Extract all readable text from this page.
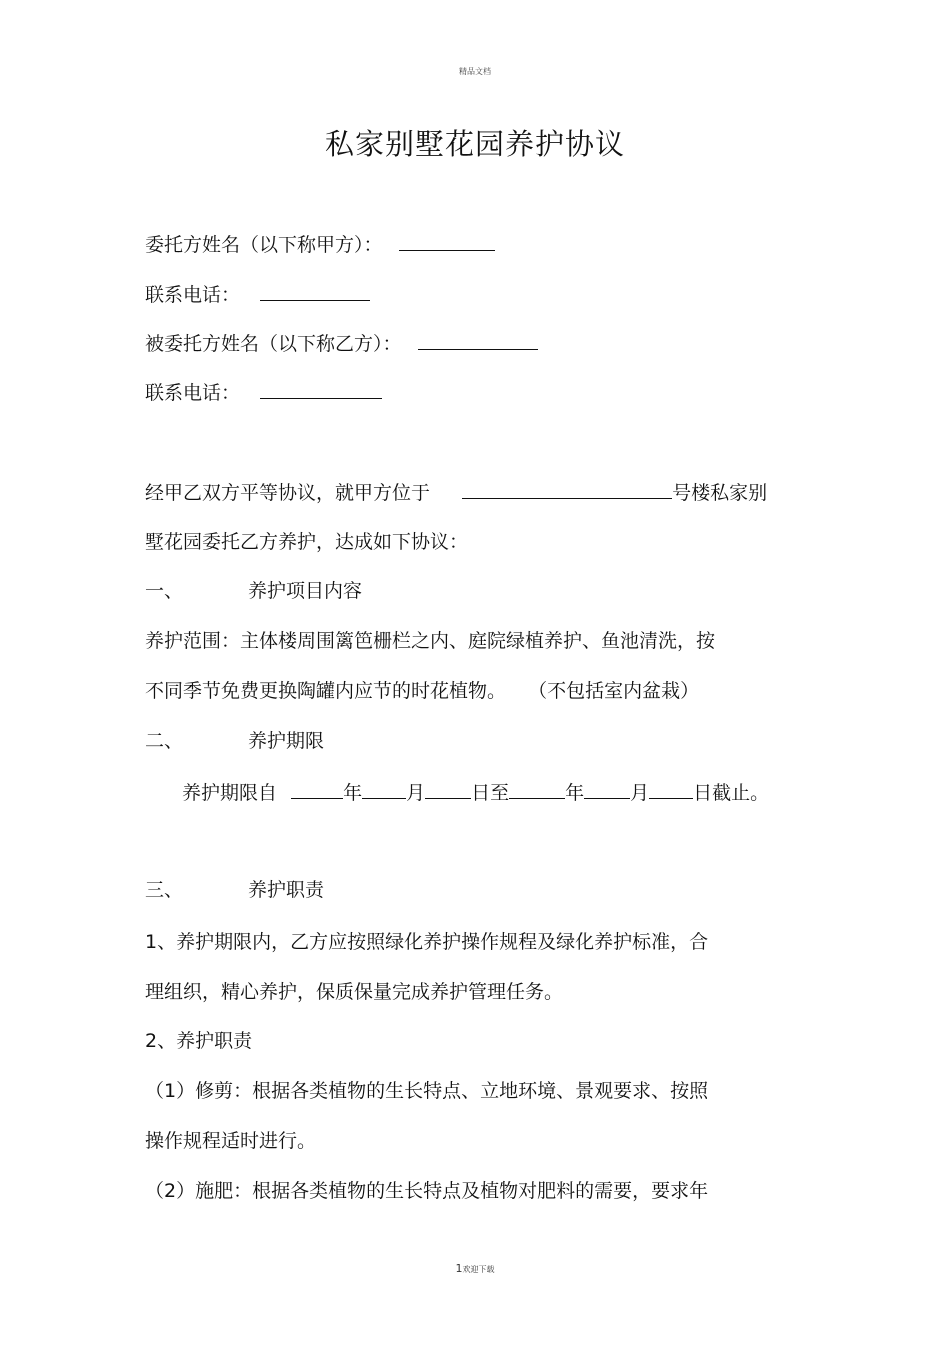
精品文档
私家别墅花园养护协议
委托方姓名（以下称甲方）：
联系电话：
被委托方姓名（以下称乙方）：
联系电话：
经甲乙双方平等协议，就甲方位于	号楼私家别
墅花园委托乙方养护，达成如下协议：
一、	养护项目内容
养护范围：主体楼周围篱笆栅栏之内、庭院绿植养护、鱼池清洗，按
不同季节免费更换陶罐内应节的时花植物。 （不包括室内盆栽）
二、	养护期限
养护期限自	年 月 日至	年 月 日截止。
三、	养护职责
1、养护期限内，乙方应按照绿化养护操作规程及绿化养护标准，合
理组织，精心养护，保质保量完成养护管理任务。
2、养护职责
（1）修剪：根据各类植物的生长特点、立地环境、景观要求、按照
操作规程适时进行。
（2）施肥：根据各类植物的生长特点及植物对肥料的需要，要求年
1欢迎下载
